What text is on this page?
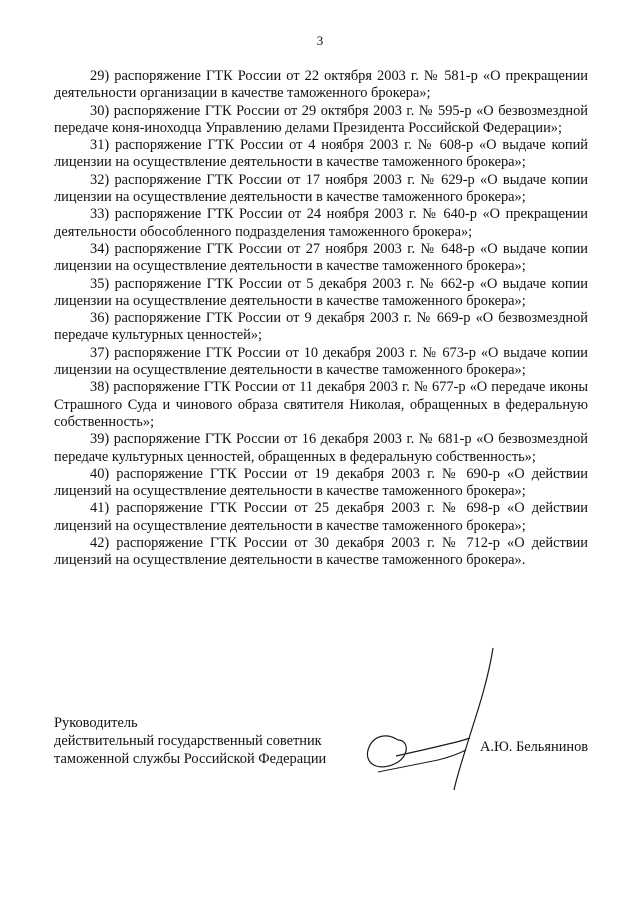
3

29) распоряжение ГТК России от 22 октября 2003 г. № 581-р «О прекращении деятельности организации в качестве таможенного брокера»;

30) распоряжение ГТК России от 29 октября 2003 г. № 595-р «О безвозмездной передаче коня-иноходца Управлению делами Президента Российской Федерации»;

31) распоряжение ГТК России от 4 ноября 2003 г. № 608-р «О выдаче копий лицензии на осуществление деятельности в качестве таможенного брокера»;

32) распоряжение ГТК России от 17 ноября 2003 г. № 629-р «О выдаче копии лицензии на осуществление деятельности в качестве таможенного брокера»;

33) распоряжение ГТК России от 24 ноября 2003 г. № 640-р «О прекращении деятельности обособленного подразделения таможенного брокера»;

34) распоряжение ГТК России от 27 ноября 2003 г. № 648-р «О выдаче копии лицензии на осуществление деятельности в качестве таможенного брокера»;

35) распоряжение ГТК России от 5 декабря 2003 г. № 662-р «О выдаче копии лицензии на осуществление деятельности в качестве таможенного брокера»;

36) распоряжение ГТК России от 9 декабря 2003 г. № 669-р «О безвозмездной передаче культурных ценностей»;

37) распоряжение ГТК России от 10 декабря 2003 г. № 673-р «О выдаче копии лицензии на осуществление деятельности в качестве таможенного брокера»;

38) распоряжение ГТК России от 11 декабря 2003 г. № 677-р «О передаче иконы Страшного Суда и чинового образа святителя Николая, обращенных в федеральную собственность»;

39) распоряжение ГТК России от 16 декабря 2003 г. № 681-р «О безвозмездной передаче культурных ценностей, обращенных в федеральную собственность»;

40) распоряжение ГТК России от 19 декабря 2003 г. № 690-р «О действии лицензий на осуществление деятельности в качестве таможенного брокера»;

41) распоряжение ГТК России от 25 декабря 2003 г. № 698-р «О действии лицензий на осуществление деятельности в качестве таможенного брокера»;

42) распоряжение ГТК России от 30 декабря 2003 г. № 712-р «О действии лицензий на осуществление деятельности в качестве таможенного брокера».

Руководитель
действительный государственный советник
таможенной службы Российской Федерации
А.Ю. Бельянинов
